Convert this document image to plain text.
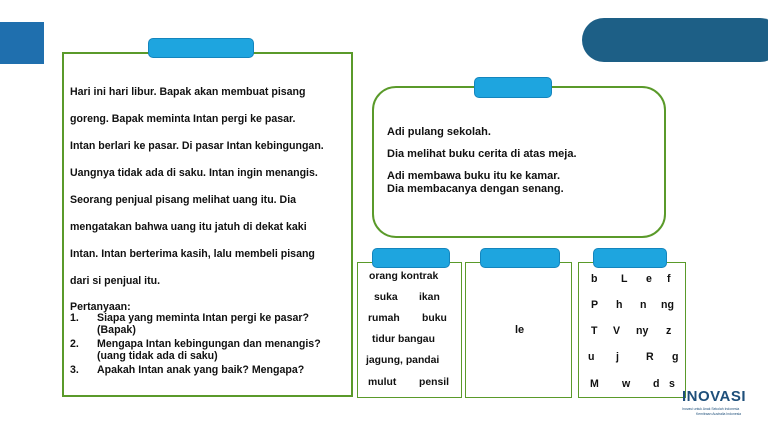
Hari ini hari libur. Bapak akan membuat pisang
goreng. Bapak meminta Intan pergi ke pasar.
Intan berlari ke pasar. Di pasar Intan kebingungan.
Uangnya tidak ada di saku. Intan ingin menangis.
Seorang penjual pisang melihat uang itu. Dia
mengatakan bahwa uang itu jatuh di dekat kaki
Intan. Intan berterima kasih, lalu membeli pisang
dari si penjual itu.
Pertanyaan:
1. Siapa yang meminta Intan pergi ke pasar?
(Bapak)
2. Mengapa Intan kebingungan dan menangis?
(uang tidak ada di saku)
3. Apakah Intan anak yang baik? Mengapa?
Adi pulang sekolah.
Dia melihat buku cerita di atas meja.
Adi membawa buku itu ke kamar.
Dia membacanya dengan senang.
orang kontrak
suka ikan
rumah buku
tidur bangau
jagung, pandai
mulut pensil
le
b L e f
P h n ng
T V ny z
u j	R g
M w d s
INOVASI
Inovasi untuk Anak Sekolah Indonesia
Kemitraan Australia Indonesia
